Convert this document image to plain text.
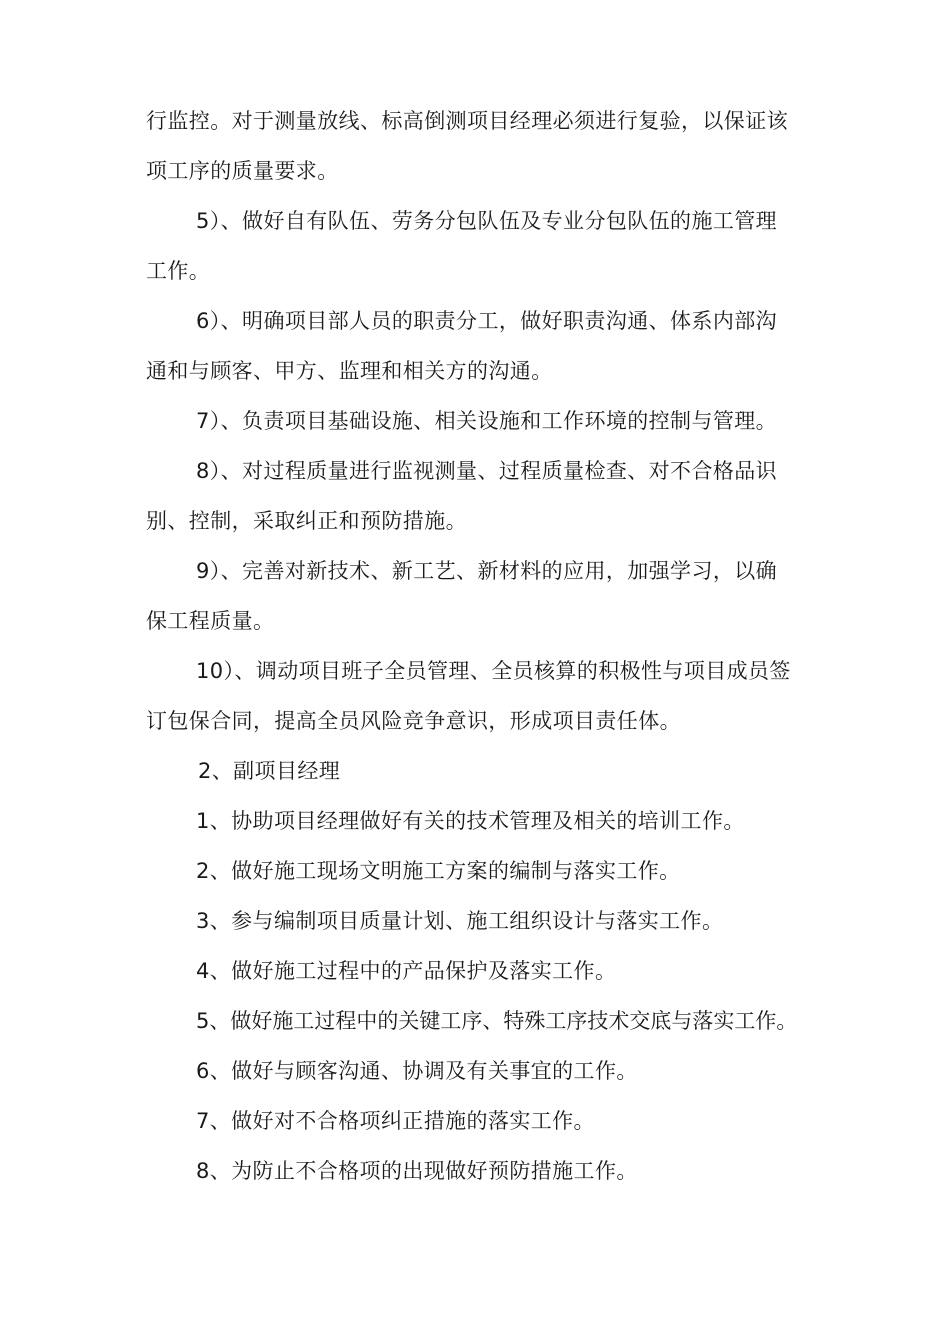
行监控。对于测量放线、标高倒测项目经理必须进行复验，以保证该
项工序的质量要求。
5）、做好自有队伍、劳务分包队伍及专业分包队伍的施工管理
工作。
6）、明确项目部人员的职责分工，做好职责沟通、体系内部沟
通和与顾客、甲方、监理和相关方的沟通。
7）、负责项目基础设施、相关设施和工作环境的控制与管理。
8）、对过程质量进行监视测量、过程质量检查、对不合格品识
别、控制，采取纠正和预防措施。
9）、完善对新技术、新工艺、新材料的应用，加强学习，以确
保工程质量。
10）、调动项目班子全员管理、全员核算的积极性与项目成员签
订包保合同，提高全员风险竞争意识，形成项目责任体。
2、副项目经理
1、协助项目经理做好有关的技术管理及相关的培训工作。
2、做好施工现场文明施工方案的编制与落实工作。
3、参与编制项目质量计划、施工组织设计与落实工作。
4、做好施工过程中的产品保护及落实工作。
5、做好施工过程中的关键工序、特殊工序技术交底与落实工作。
6、做好与顾客沟通、协调及有关事宜的工作。
7、做好对不合格项纠正措施的落实工作。
8、为防止不合格项的出现做好预防措施工作。
